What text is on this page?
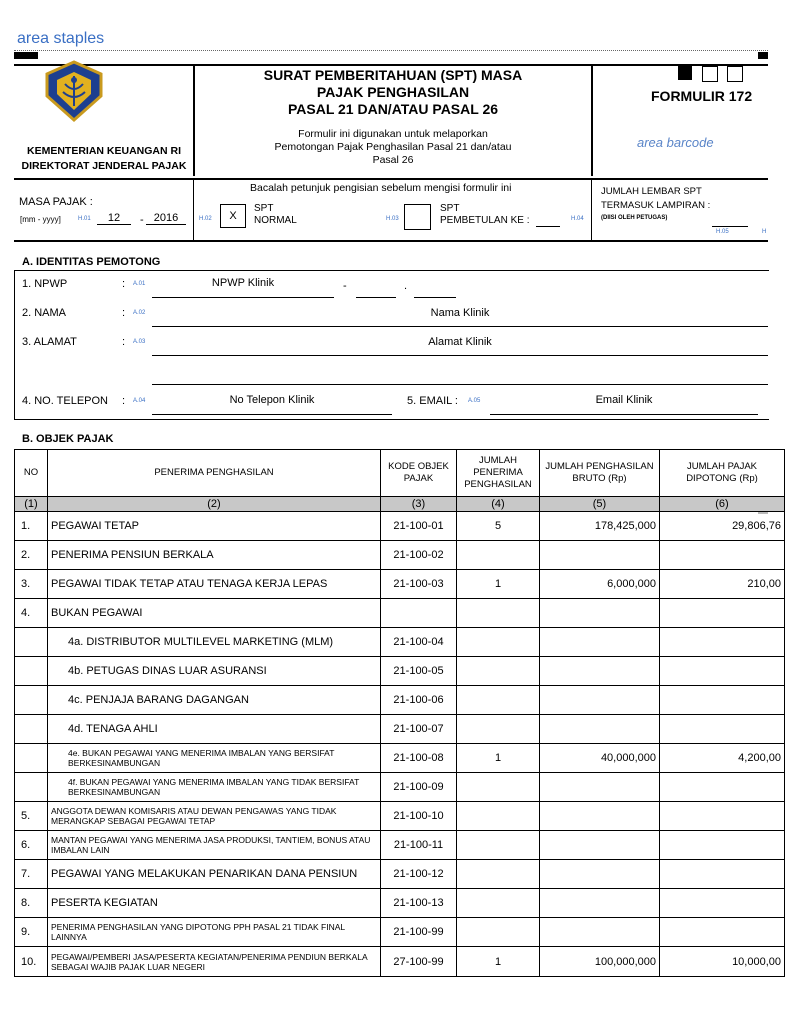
area staples
KEMENTERIAN KEUANGAN RI
DIREKTORAT JENDERAL PAJAK
SURAT PEMBERITAHUAN (SPT) MASA
PAJAK PENGHASILAN
PASAL 21 DAN/ATAU PASAL 26
Formulir ini digunakan untuk melaporkan
Pemotongan Pajak Penghasilan Pasal 21 dan/atau
Pasal 26
FORMULIR 172
area barcode
Bacalah petunjuk pengisian sebelum mengisi formulir ini
MASA PAJAK :
[mm - yyyy]	H.01	12	- 2016	H.02	X
SPT
NORMAL	H.03
SPT
PEMBETULAN KE :	H.04
JUMLAH LEMBAR SPT
TERMASUK LAMPIRAN :
(DIISI OLEH PETUGAS)
H.05	H
A. IDENTITAS PEMOTONG
1. NPWP	: A.01	NPWP Klinik	-	.
2. NAMA	: A.02	Nama Klinik
3. ALAMAT	: A.03	Alamat Klinik
4. NO. TELEPON : A.04	No Telepon Klinik	5. EMAIL : A.05	Email Klinik
B. OBJEK PAJAK
NO	PENERIMA PENGHASILAN	KODE OBJEK PAJAK	JUMLAH PENERIMA PENGHASILAN	JUMLAH PENGHASILAN BRUTO (Rp)	JUMLAH PAJAK DIPOTONG (Rp)
(1)	(2)	(3)	(4)	(5)	(6)
1.	PEGAWAI TETAP	21-100-01	5	178,425,000	29,806,76
2.	PENERIMA PENSIUN BERKALA	21-100-02			
3.	PEGAWAI TIDAK TETAP ATAU TENAGA KERJA LEPAS	21-100-03	1	6,000,000	210,00
4.	BUKAN PEGAWAI				
	4a. DISTRIBUTOR MULTILEVEL MARKETING (MLM)	21-100-04			
	4b. PETUGAS DINAS LUAR ASURANSI	21-100-05			
	4c. PENJAJA BARANG DAGANGAN	21-100-06			
	4d. TENAGA AHLI	21-100-07			
	4e. BUKAN PEGAWAI YANG MENERIMA IMBALAN YANG BERSIFAT BERKESINAMBUNGAN	21-100-08	1	40,000,000	4,200,00
	4f. BUKAN PEGAWAI YANG MENERIMA IMBALAN YANG TIDAK BERSIFAT BERKESINAMBUNGAN	21-100-09			
5.	ANGGOTA DEWAN KOMISARIS ATAU DEWAN PENGAWAS YANG TIDAK MERANGKAP SEBAGAI PEGAWAI TETAP	21-100-10			
6.	MANTAN PEGAWAI YANG MENERIMA JASA PRODUKSI, TANTIEM, BONUS ATAU IMBALAN LAIN	21-100-11			
7.	PEGAWAI YANG MELAKUKAN PENARIKAN DANA PENSIUN	21-100-12			
8.	PESERTA KEGIATAN	21-100-13			
9.	PENERIMA PENGHASILAN YANG DIPOTONG PPH PASAL 21 TIDAK FINAL LAINNYA	21-100-99			
10.	PEGAWAI/PEMBERI JASA/PESERTA KEGIATAN/PENERIMA PENDIUN BERKALA SEBAGAI WAJIB PAJAK LUAR NEGERI	27-100-99	1	100,000,000	10,000,00
